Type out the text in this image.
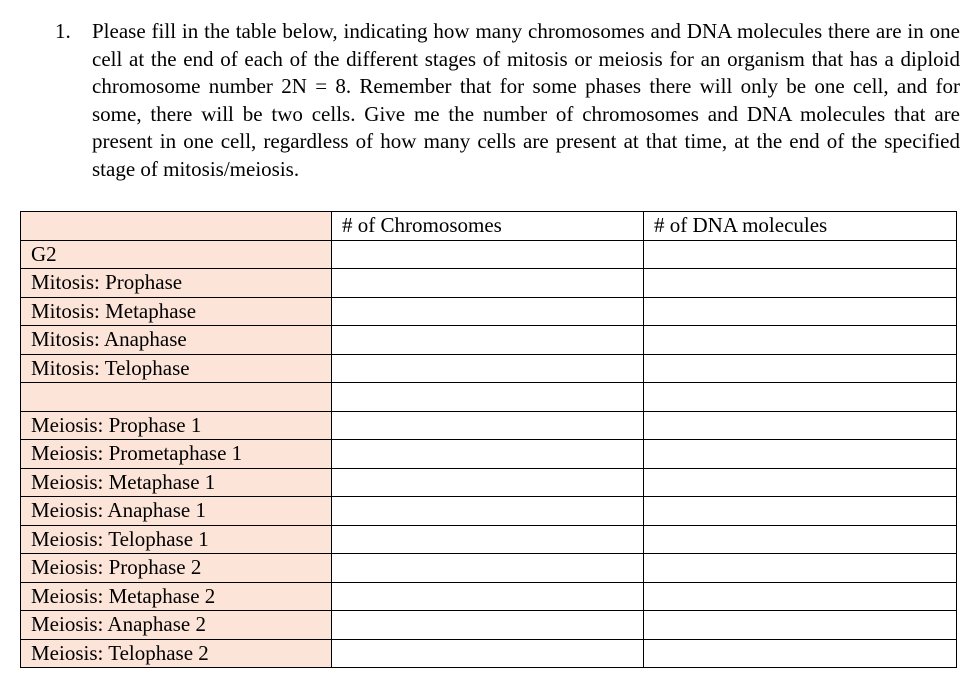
1. Please fill in the table below, indicating how many chromosomes and DNA molecules there are in one cell at the end of each of the different stages of mitosis or meiosis for an organism that has a diploid chromosome number 2N = 8. Remember that for some phases there will only be one cell, and for some, there will be two cells. Give me the number of chromosomes and DNA molecules that are present in one cell, regardless of how many cells are present at that time, at the end of the specified stage of mitosis/meiosis.
	# of Chromosomes	# of DNA molecules
G2		
Mitosis: Prophase		
Mitosis: Metaphase		
Mitosis: Anaphase		
Mitosis: Telophase		

Meiosis: Prophase 1		
Meiosis: Prometaphase 1		
Meiosis: Metaphase 1		
Meiosis: Anaphase 1		
Meiosis: Telophase 1		
Meiosis: Prophase 2		
Meiosis: Metaphase 2		
Meiosis: Anaphase 2		
Meiosis: Telophase 2		
